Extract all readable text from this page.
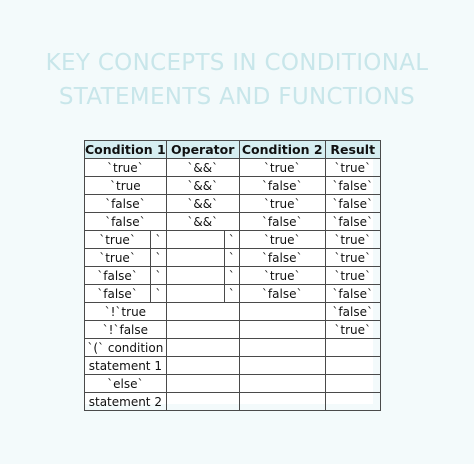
KEY CONCEPTS IN CONDITIONAL
STATEMENTS AND FUNCTIONS
Condition 1		Operator		Condition 2	Result
`true`		`&&`		`true`	`true`
`true		`&&`		`false`	`false`
`false`		`&&`		`true`	`false`
`false`		`&&`		`false`	`false`
`true`	`		`	`true`	`true`
`true`	`		`	`false`	`true`
`false`	`		`	`true`	`true`
`false`	`		`	`false`	`false`
`!`true					`false`
`!`false					`true`
`(` condition					
statement 1					
`else`					
statement 2					
